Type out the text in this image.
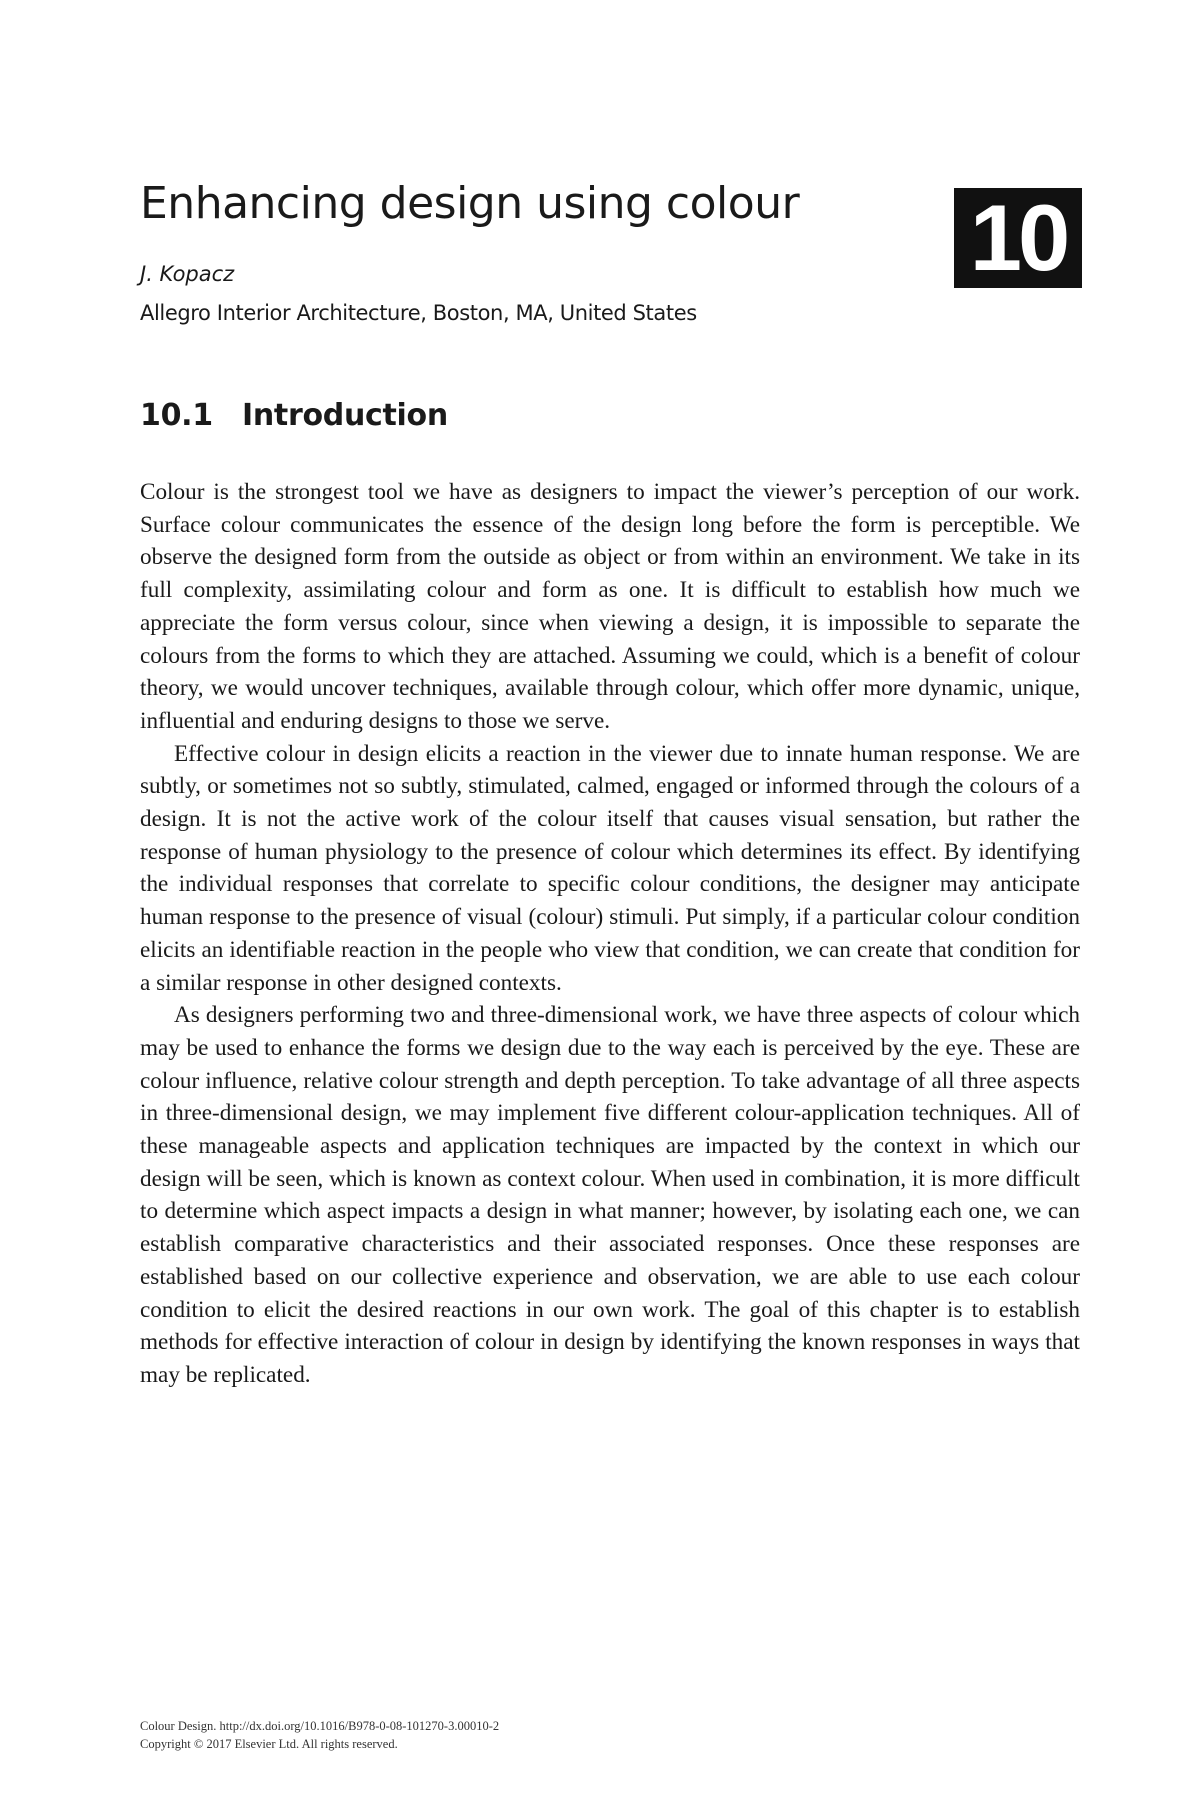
Enhancing design using colour 10
J. Kopacz
Allegro Interior Architecture, Boston, MA, United States
10.1 Introduction

Colour is the strongest tool we have as designers to impact the viewer’s perception of our work. Surface colour communicates the essence of the design long before the form is perceptible. We observe the designed form from the outside as object or from within an environment. We take in its full complexity, assimilating colour and form as one. It is difficult to establish how much we appreciate the form versus colour, since when viewing a design, it is impossible to separate the colours from the forms to which they are attached. Assuming we could, which is a benefit of colour theory, we would uncover techniques, available through colour, which offer more dynamic, unique, influential and enduring designs to those we serve.

Effective colour in design elicits a reaction in the viewer due to innate human response. We are subtly, or sometimes not so subtly, stimulated, calmed, engaged or informed through the colours of a design. It is not the active work of the colour itself that causes visual sensation, but rather the response of human physiology to the presence of colour which determines its effect. By identifying the individual responses that correlate to specific colour conditions, the designer may anticipate human response to the presence of visual (colour) stimuli. Put simply, if a particular colour condition elicits an identifiable reaction in the people who view that condition, we can create that condition for a similar response in other designed contexts.

As designers performing two and three-dimensional work, we have three aspects of colour which may be used to enhance the forms we design due to the way each is perceived by the eye. These are colour influence, relative colour strength and depth perception. To take advantage of all three aspects in three-dimensional design, we may implement five different colour-application techniques. All of these manageable aspects and application techniques are impacted by the context in which our design will be seen, which is known as context colour. When used in combination, it is more difficult to determine which aspect impacts a design in what manner; however, by isolating each one, we can establish comparative characteristics and their associated responses. Once these responses are established based on our collective experience and observation, we are able to use each colour condition to elicit the desired reactions in our own work. The goal of this chapter is to establish methods for effective interaction of colour in design by identifying the known responses in ways that may be replicated.

Colour Design. http://dx.doi.org/10.1016/B978-0-08-101270-3.00010-2
Copyright © 2017 Elsevier Ltd. All rights reserved.
